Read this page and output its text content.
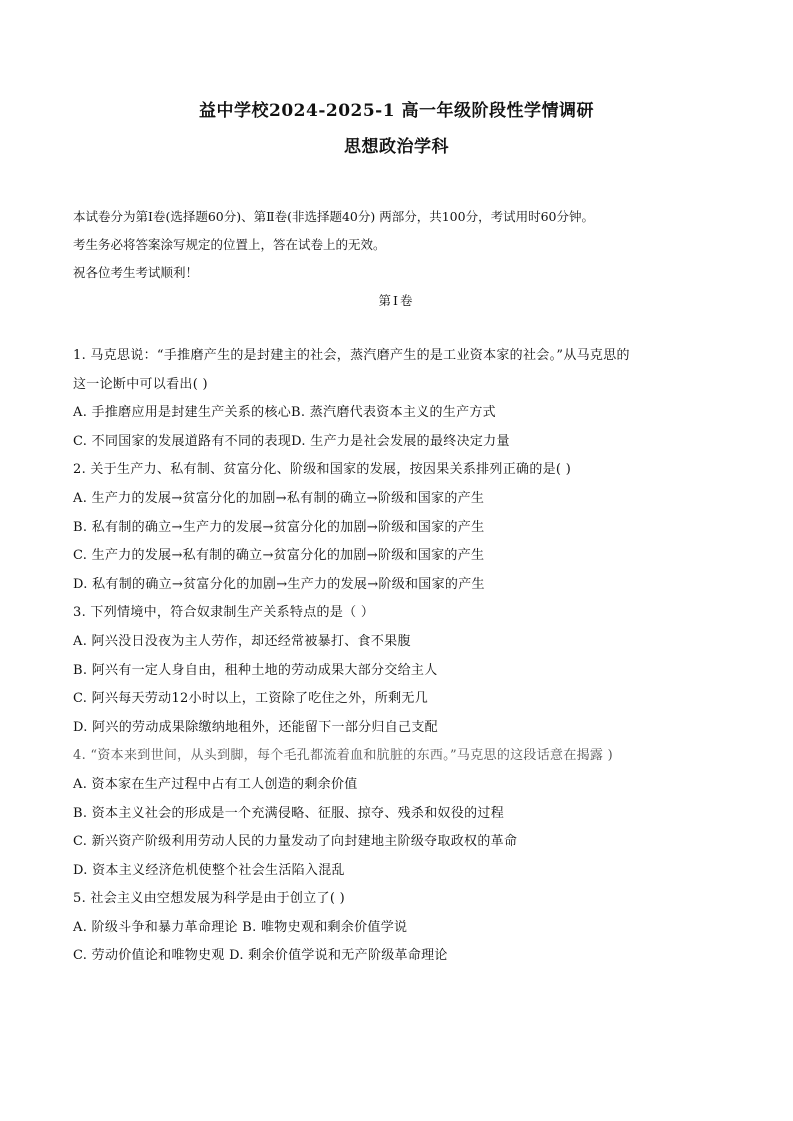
益中学校2024-2025-1 高一年级阶段性学情调研
思想政治学科
本试卷分为第Ⅰ卷(选择题60分)、第Ⅱ卷(非选择题40分) 两部分，共100分，考试用时60分钟。
考生务必将答案涂写规定的位置上，答在试卷上的无效。
祝各位考生考试顺利！
第Ⅰ卷
1. 马克思说：“手推磨产生的是封建主的社会，蒸汽磨产生的是工业资本家的社会。”从马克思的
这一论断中可以看出( )
A. 手推磨应用是封建生产关系的核心B. 蒸汽磨代表资本主义的生产方式
C. 不同国家的发展道路有不同的表现D. 生产力是社会发展的最终决定力量
2. 关于生产力、私有制、贫富分化、阶级和国家的发展，按因果关系排列正确的是( )
A. 生产力的发展→贫富分化的加剧→私有制的确立→阶级和国家的产生
B. 私有制的确立→生产力的发展→贫富分化的加剧→阶级和国家的产生
C. 生产力的发展→私有制的确立→贫富分化的加剧→阶级和国家的产生
D. 私有制的确立→贫富分化的加剧→生产力的发展→阶级和国家的产生
3. 下列情境中，符合奴隶制生产关系特点的是（ ）
A. 阿兴没日没夜为主人劳作，却还经常被暴打、食不果腹
B. 阿兴有一定人身自由，租种土地的劳动成果大部分交给主人
C. 阿兴每天劳动12小时以上，工资除了吃住之外，所剩无几
D. 阿兴的劳动成果除缴纳地租外，还能留下一部分归自己支配
4. “资本来到世间，从头到脚，每个毛孔都流着血和肮脏的东西。”马克思的这段话意在揭露 )
A. 资本家在生产过程中占有工人创造的剩余价值
B. 资本主义社会的形成是一个充满侵略、征服、掠夺、残杀和奴役的过程
C. 新兴资产阶级利用劳动人民的力量发动了向封建地主阶级夺取政权的革命
D. 资本主义经济危机使整个社会生活陷入混乱
5. 社会主义由空想发展为科学是由于创立了( )
A. 阶级斗争和暴力革命理论 B. 唯物史观和剩余价值学说
C. 劳动价值论和唯物史观 D. 剩余价值学说和无产阶级革命理论
